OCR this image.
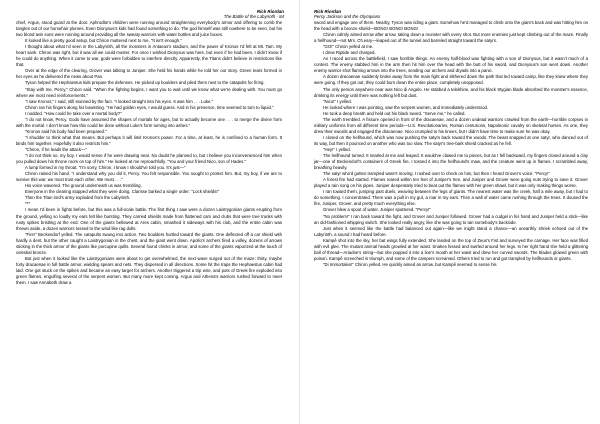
Rick Riordan
The Battle of the Labyrinth - 84

chief, Argus, stood guard at the door. Aphrodite's children were running around straightening everybody's armor and offering to comb the tangles out of our horsehair plumes. Even Dionysus's kids had found something to do. The god himself was still nowhere to be seen, but his two blond twin sons were running around providing all the sweaty warriors with water bottles and juice boxes.

It looked like a pretty good setup, but Chiron muttered next to me, "It isn't enough."

I thought about what I'd seen in the Labyrinth, all the monsters in Antaeus's stadium, and the power of Kronos I'd felt at Mt. Tam. My heart sank. Chiron was right, but it was all we could muster. For once I wished Dionysus was here, but even if he had been, I didn't know if he could do anything. When it came to war, gods were forbidden to interfere directly. Apparently, the Titans didn't believe in restrictions like that.

Over at the edge of the clearing, Grover was talking to Juniper. She held his hands while he told her our story. Green tears formed in her eyes as he delivered the news about Pan.

Tyson helped the Hephaestus kids prepare the defenses. He picked up boulders and piled them next to the catapults for firing.

"Stay with me, Percy," Chiron said. "When the fighting begins, I want you to wait until we know what we're dealing with. You must go where we most need reinforcements."

"I saw Kronos," I said, still stunned by the fact. "I looked straight into his eyes. It was him . . . Luke."

Chiron ran his fingers along his bowstring. "He had golden eyes, I would guess. And in his presence, time seemed to turn to liquid."

I nodded. "How could he take over a mortal body?"

"I do not know, Percy. Gods have assumed the shapes of mortals for ages, but to actually become one . . . to merge the divine form with the mortal. I don't know how this could be done without Luke's form turning into ashes."

"Kronos said his body had been prepared."

"I shudder to think what that means. But perhaps it will limit Kronos's power. For a time, at least, he is confined to a human form. It binds him together. Hopefully it also restricts him."

"Chiron, if he leads the attack—"

"I do not think so, my boy. I would sense if he were drawing near. No doubt he planned to, but I believe you inconvenienced him when you pulled down his throne room on top of him." He looked at me reproachfully. "You and your friend Nico, son of Hades."

A lump formed in my throat. "I'm sorry, Chiron. I know I should've told you. It's just—"

Chiron raised his hand. "I understand why you did it, Percy. You felt responsible. You sought to protect him. But, my boy, if we are to survive this war, we must trust each other. We must . . ."

His voice wavered. The ground underneath us was trembling.

Everyone in the clearing stopped what they were doing. Clarisse barked a single order: "Lock shields!"

Then the Titan lord's army exploded from the Labyrinth.

***

I mean I'd been in fights before, but this was a full-scale battle. The first thing I saw were a dozen Laistrygonian giants erupting from the ground, yelling so loudly my ears felt like bursting. They carried shields made from flattened cars and clubs that were tree trunks with rusty spikes bristling at the end. One of the giants bellowed at Ares cabin, smashed it sideways with his club, and the entire cabin was thrown aside, a dozen warriors tossed to the wind like rag dolls.

"Fire!" Beckendorf yelled. The catapults swung into action. Two boulders hurtled toward the giants. One deflected off a car shield with hardly a dent, but the other caught a Laistrygonian in the chest, and the giant went down. Apollo's archers fired a volley, dozens of arrows sticking in the thick armor of the giants like porcupine quills. Several found chinks in armor, and some of the giants vaporized at the touch of celestial bronze.

But just when it looked like the Laistrygonians were about to get overwhelmed, the next wave surged out of the maze: thirty, maybe forty dracaenae in full battle armor, wielding spears and nets. They dispersed in all directions. Some hit the traps the Hephaestus cabin had laid. One got stuck on the spikes and became an easy target for archers. Another triggered a trip wire, and pots of Greek fire exploded into green flames, engulfing several of the serpent women. But many more kept coming. Argus and Athena's warriors rushed forward to meet them. I saw Annabeth draw a

Rick Riordan
Percy Jackson and the Olympians

sword and engage one of them. Nearby, Tyson was riding a giant. Somehow he'd managed to climb onto the giant's back and was hitting him on the head with a bronze shield—BONG! BONG! BONG!

Chiron calmly aimed arrow after arrow, taking down a monster with every shot. But more enemies just kept climbing out of the maze. Finally a hellhound—not Mrs. O'Leary—leaped out of the tunnel and barreled straight toward the satyrs.

"GO!" Chiron yelled at me.

I drew Riptide and charged.

As I raced across the battlefield, I saw horrible things. An enemy half-blood was fighting with a son of Dionysus, but it wasn't much of a contest. The enemy stabbed him in the arm then hit him over the head with the butt of his sword, and Dionysus's son went down. Another enemy warrior shot flaming arrows into the trees, sending our archers and dryads into a panic.

A dozen dracaenae suddenly broke away from the main fight and slithered down the path that led toward camp, like they knew where they were going. If they got out, they could burn down the entire place, completely unopposed.

The only person anywhere near was Nico di Angelo. He stabbed a telekhine, and his black Stygian blade absorbed the monster's essence, drinking its energy until there was nothing left but dust.

"Nico!" I yelled.

He looked where I was pointing, saw the serpent women, and immediately understood.

He took a deep breath and held out his black sword. "Serve me," he called.

The earth trembled. A fissure opened in front of the dracaenae, and a dozen undead warriors crawled from the earth—horrible corpses in military uniforms from all different time periods—U.S. Revolutionaries, Roman centurions, Napoleonic cavalry on skeletal horses. As one, they drew their swords and engaged the dracaenae. Nico crumpled to his knees, but I didn't have time to make sure he was okay.

I closed on the hellhound, which was now pushing the satyrs back toward the woods. The beast snapped at one satyr, who danced out of its way, but then it pounced on another who was too slow. The satyr's tree-bark shield cracked as he fell.

"Hey!" I yelled.

The hellhound turned. It snarled at me and leaped. It would've clawed me to pieces, but as I fell backward, my fingers closed around a clay jar—one of Beckendorf's containers of Greek fire. I tossed it into the hellhound's maw, and the creature went up in flames. I scrambled away, breathing heavily.

The satyr who'd gotten trampled wasn't moving. I rushed over to check on him, but then I heard Grover's voice: "Percy!"

A forest fire had started. Flames roared within ten feet of Juniper's tree, and Juniper and Grover were going nuts trying to save it. Grover played a rain song on his pipes. Juniper desperately tried to beat out the flames with her green shawl, but it was only making things worse.

I ran toward them, jumping past duels, weaving between the legs of giants. The nearest water was the creek, half a mile away, but I had to do something. I concentrated. There was a pull in my gut, a roar in my ears. Then a wall of water came rushing through the trees. It doused the fire, Juniper, Grover, and pretty much everything else.

Grover blew a spout of water. Juniper sputtered. "Percy!"

"No problem!" I ran back toward the fight, and Grover and Juniper followed. Grover had a cudgel in his hand and Juniper held a stick—like an old-fashioned whipping switch. She looked really angry, like she was going to tan somebody's backside.

Just when it seemed like the battle had balanced out again—like we might stand a chance—an unearthly shriek echoed out of the Labyrinth, a sound I had heard before.

Kampê shot into the sky, her bat wings fully extended. She landed on the top of Zeus's Fist and surveyed the carnage. Her face was filled with evil glee. The mutant animal heads growled at her waist. Snakes hissed and swirled around her legs. In her right hand she held a glittering ball of thread—Ariadne's string—but she popped it into a lion's mouth at her waist and drew her curved swords. The blades glowed green with poison. Kampê screeched in triumph, and some of the campers screamed. Others tried to run and got trampled by hellhounds or giants.

"Di Immortales!" Chiron yelled. He quickly aimed an arrow, but Kampê seemed to sense his
